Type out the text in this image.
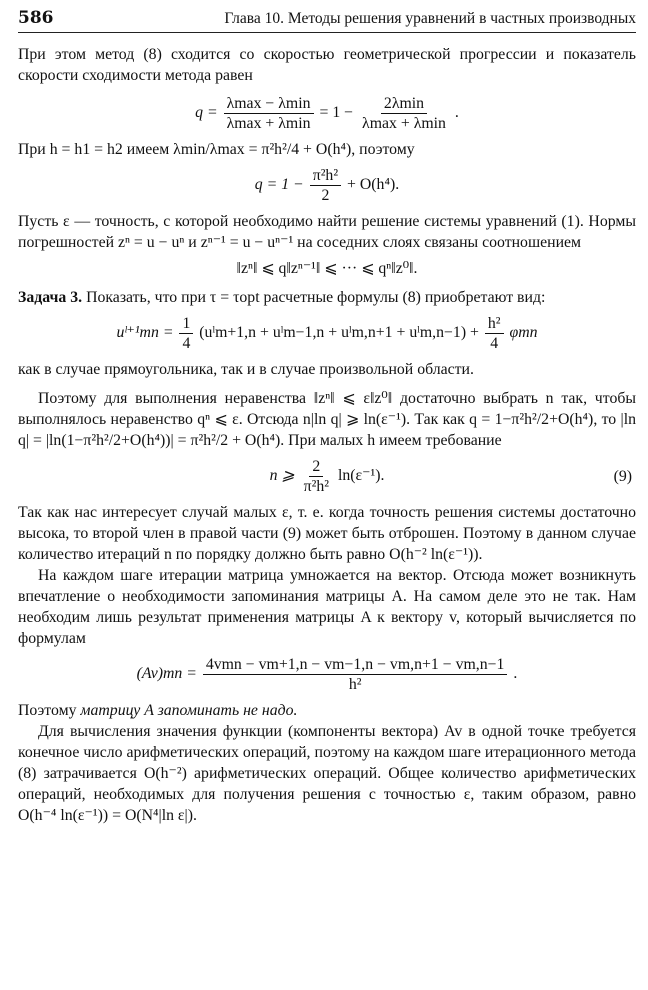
586	Глава 10. Методы решения уравнений в частных производных

При этом метод (8) сходится со скоростью геометрической прогрессии и показатель скорости сходимости метода равен

$q = \frac{\lambda\max - \lambda\min}{\lambda\max + \lambda\min} = 1 - \frac{2\lambda\min}{\lambda\max + \lambda\min}$ .

При h = h1 = h2 имеем λmin/λmax = π²h²/4 + O(h⁴), поэтому

$q = 1 - \frac{\text{π²h²}}{2} + O(h^4)$.

Пусть ε — точность, с которой необходимо найти решение системы уравнений (1). Нормы погрешностей zⁿ = u − uⁿ и zⁿ⁻¹ = u − uⁿ⁻¹ на соседних слоях связаны соотношением

‖zⁿ‖ ⩽ q‖zⁿ⁻¹‖ ⩽ ··· ⩽ qⁿ‖z⁰‖.

Задача 3. Показать, что при τ = τopt расчетные формулы (8) приобретают вид:

uˡ⁺¹mn = $\frac{1}{4}$ (uˡm+1,n + uˡm−1,n + uˡm,n+1 + uˡm,n−1) + $\frac{\text{h²}}{4}$ φmn

как в случае прямоугольника, так и в случае произвольной области.

Поэтому для выполнения неравенства ‖zⁿ‖ ⩽ ε‖z⁰‖ достаточно выбрать n так, чтобы выполнялось неравенство qⁿ ⩽ ε. Отсюда n|ln q| ⩾ ln(ε⁻¹). Так как q = 1−π²h²/2+O(h⁴), то |ln q| = |ln(1−π²h²/2+O(h⁴))| = π²h²/2 + O(h⁴). При малых h имеем требование

n ⩾ $\frac{2}{\text{π²h²}} \ln(\varepsilon^{-1})$.	(9)

Так как нас интересует случай малых ε, т. е. когда точность решения системы достаточно высока, то второй член в правой части (9) может быть отброшен. Поэтому в данном случае количество итераций n по порядку должно быть равно O(h⁻² ln(ε⁻¹)).

На каждом шаге итерации матрица умножается на вектор. Отсюда может возникнуть впечатление о необходимости запоминания матрицы A. На самом деле это не так. Нам необходим лишь результат применения матрицы A к вектору v, который вычисляется по формулам

$(Av)mn = \frac{\text{4vmn − vm+1,n − vm−1,n − vm,n+1 − vm,n−1}}{\text{h²}}$ .

Поэтому матрицу A запоминать не надо.

Для вычисления значения функции (компоненты вектора) Av в одной точке требуется конечное число арифметических операций, поэтому на каждом шаге итерационного метода (8) затрачивается O(h⁻²) арифметических операций. Общее количество арифметических операций, необходимых для получения решения с точностью ε, таким образом, равно O(h⁻⁴ ln(ε⁻¹)) = O(N⁴|ln ε|).
